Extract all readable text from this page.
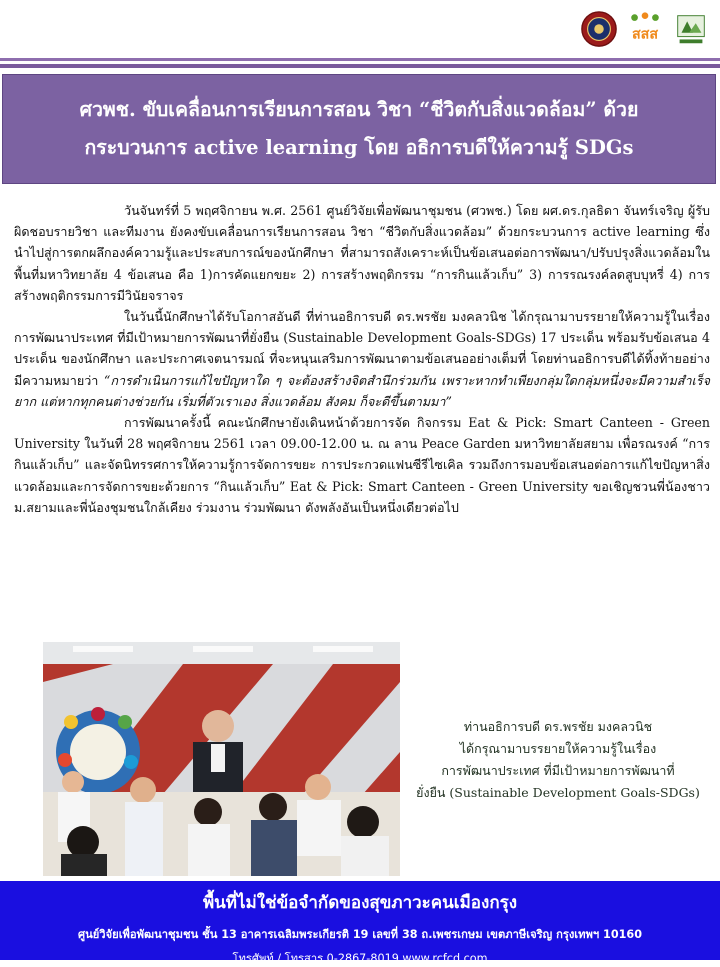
สสส
ศวพช. ขับเคลื่อนการเรียนการสอน วิชา “ชีวิตกับสิ่งแวดล้อม” ด้วย
กระบวนการ active learning โดย อธิการบดีให้ความรู้ SDGs

วันจันทร์ที่ 5 พฤศจิกายน พ.ศ. 2561 ศูนย์วิจัยเพื่อพัฒนาชุมชน (ศวพช.) โดย ผศ.ดร.กุลธิดา จันทร์เจริญ ผู้รับผิดชอบรายวิชา และทีมงาน ยังคงขับเคลื่อนการเรียนการสอน วิชา “ชีวิตกับสิ่งแวดล้อม” ด้วยกระบวนการ active learning ซึ่งนำไปสู่การตกผลึกองค์ความรู้และประสบการณ์ของนักศึกษา ที่สามารถสังเคราะห์เป็นข้อเสนอต่อการพัฒนา/ปรับปรุงสิ่งแวดล้อมในพื้นที่มหาวิทยาลัย 4 ข้อเสนอ คือ 1)การคัดแยกขยะ 2) การสร้างพฤติกรรม “การกินแล้วเก็บ” 3) การรณรงค์ลดสูบบุหรี่ 4) การสร้างพฤติกรรมการมีวินัยจราจร

ในวันนี้นักศึกษาได้รับโอกาสอันดี ที่ท่านอธิการบดี ดร.พรชัย มงคลวนิช ได้กรุณามาบรรยายให้ความรู้ในเรื่องการพัฒนาประเทศ ที่มีเป้าหมายการพัฒนาที่ยั่งยืน (Sustainable Development Goals-SDGs) 17 ประเด็น พร้อมรับข้อเสนอ 4 ประเด็น ของนักศึกษา และประกาศเจตนารมณ์ ที่จะหนุนเสริมการพัฒนาตามข้อเสนออย่างเต็มที่ โดยท่านอธิการบดีได้ทิ้งท้ายอย่างมีความหมายว่า “การดำเนินการแก้ไขปัญหาใด ๆ จะต้องสร้างจิตสำนึกร่วมกัน เพราะหากทำเพียงกลุ่มใดกลุ่มหนึ่งจะมีความสำเร็จยาก แต่หากทุกคนต่างช่วยกัน เริ่มที่ตัวเราเอง สิ่งแวดล้อม สังคม ก็จะดีขึ้นตามมา”

การพัฒนาครั้งนี้ คณะนักศึกษายังเดินหน้าด้วยการจัด กิจกรรม Eat & Pick: Smart Canteen - Green University ในวันที่ 28 พฤศจิกายน 2561 เวลา 09.00-12.00 น. ณ ลาน Peace Garden มหาวิทยาลัยสยาม เพื่อรณรงค์ “การกินแล้วเก็บ” และจัดนิทรรศการให้ความรู้การจัดการขยะ การประกวดแฟนซีรีไซเคิล รวมถึงการมอบข้อเสนอต่อการแก้ไขปัญหาสิ่งแวดล้อมและการจัดการขยะด้วยการ “กินแล้วเก็บ” Eat & Pick: Smart Canteen - Green University ขอเชิญชวนพี่น้องชาว ม.สยามและพี่น้องชุมชนใกล้เคียง ร่วมงาน ร่วมพัฒนา ดังพลังอันเป็นหนึ่งเดียวต่อไป

ท่านอธิการบดี ดร.พรชัย มงคลวนิช
ได้กรุณามาบรรยายให้ความรู้ในเรื่อง
การพัฒนาประเทศ ที่มีเป้าหมายการพัฒนาที่
ยั่งยืน (Sustainable Development Goals-SDGs)
พื้นที่ไม่ใช่ข้อจำกัดของสุขภาวะคนเมืองกรุง
ศูนย์วิจัยเพื่อพัฒนาชุมชน ชั้น 13 อาคารเฉลิมพระเกียรติ 19 เลขที่ 38 ถ.เพชรเกษม เขตภาษีเจริญ กรุงเทพฯ 10160
โทรศัพท์ / โทรสาร 0-2867-8019 www.rcfcd.com
